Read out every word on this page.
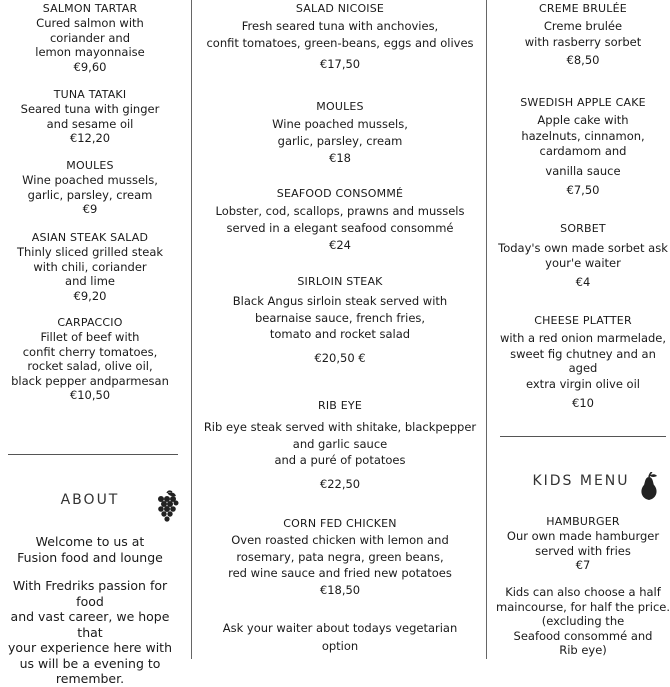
SALMON TARTAR
Cured salmon with
coriander and
lemon mayonnaise
€9,60
TUNA TATAKI
Seared tuna with ginger
and sesame oil
€12,20
MOULES
Wine poached mussels,
garlic, parsley, cream
€9
ASIAN STEAK SALAD
Thinly sliced grilled steak
with chili, coriander
and lime
€9,20
CARPACCIO
Fillet of beef with
confit cherry tomatoes,
rocket salad, olive oil,
black pepper andparmesan
€10,50
ABOUT
Welcome to us at
Fusion food and lounge
With Fredriks passion for food
and vast career, we hope that
your experience here with
us will be a evening to
remember.
SALAD NICOISE
Fresh seared tuna with anchovies,
confit tomatoes, green-beans, eggs and olives
€17,50
MOULES
Wine poached mussels,
garlic, parsley, cream
€18
SEAFOOD CONSOMMÉ
Lobster, cod, scallops, prawns and mussels
served in a elegant seafood consommé
€24
SIRLOIN STEAK
Black Angus sirloin steak served with
bearnaise sauce, french fries,
tomato and rocket salad
€20,50 €
RIB EYE
Rib eye steak served with shitake, blackpepper
and garlic sauce
and a puré of potatoes
€22,50
CORN FED CHICKEN
Oven roasted chicken with lemon and
rosemary, pata negra, green beans,
red wine sauce and fried new potatoes
€18,50
Ask your waiter about todays vegetarian
option
CREME BRULÉE
Creme brulée
with rasberry sorbet
€8,50
SWEDISH APPLE CAKE
Apple cake with
hazelnuts, cinnamon,
cardamom and
vanilla sauce
€7,50
SORBET
Today's own made sorbet ask
your'e waiter
€4
CHEESE PLATTER
with a red onion marmelade,
sweet fig chutney and an aged
extra virgin olive oil
€10
KIDS MENU
HAMBURGER
Our own made hamburger
served with fries
€7
Kids can also choose a half
maincourse, for half the price.
(excluding the
Seafood consommé and
Rib eye)
